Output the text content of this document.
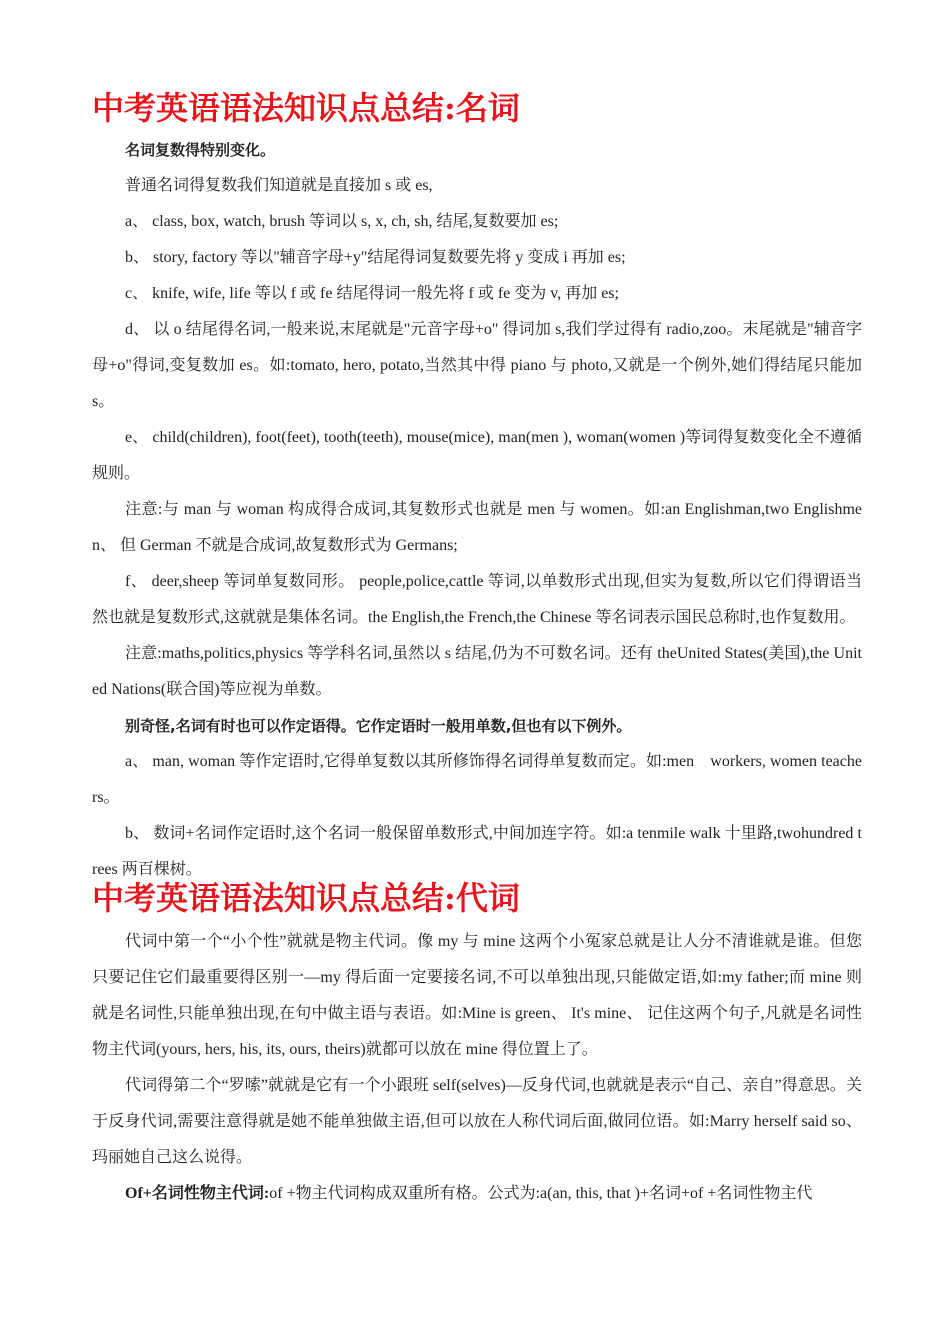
中考英语语法知识点总结:名词

名词复数得特别变化。

普通名词得复数我们知道就是直接加 s 或 es,

a、 class, box, watch, brush 等词以 s, x, ch, sh, 结尾,复数要加 es;

b、 story, factory 等以"辅音字母+y"结尾得词复数要先将 y 变成 i 再加 es;

c、 knife, wife, life 等以 f 或 fe 结尾得词一般先将 f 或 fe 变为 v, 再加 es;

d、 以 o 结尾得名词,一般来说,末尾就是"元音字母+o" 得词加 s,我们学过得有 radio,zoo。末尾就是"辅音字母+o"得词,变复数加 es。如:tomato, hero, potato,当然其中得 piano 与 photo,又就是一个例外,她们得结尾只能加 s。

e、 child(children), foot(feet), tooth(teeth), mouse(mice), man(men ), woman(women )等词得复数变化全不遵循规则。

注意:与 man 与 woman 构成得合成词,其复数形式也就是 men 与 women。如:an Englishman,two Englishmen、 但 German 不就是合成词,故复数形式为 Germans;

f、 deer,sheep 等词单复数同形。 people,police,cattle 等词,以单数形式出现,但实为复数,所以它们得谓语当然也就是复数形式,这就就是集体名词。the English,the French,the Chinese 等名词表示国民总称时,也作复数用。

注意:maths,politics,physics 等学科名词,虽然以 s 结尾,仍为不可数名词。还有 theUnited States(美国),the United Nations(联合国)等应视为单数。

别奇怪,名词有时也可以作定语得。它作定语时一般用单数,但也有以下例外。

a、 man, woman 等作定语时,它得单复数以其所修饰得名词得单复数而定。如:men　workers, women teachers。

b、 数词+名词作定语时,这个名词一般保留单数形式,中间加连字符。如:a tenmile walk 十里路,twohundred trees 两百棵树。

中考英语语法知识点总结:代词

代词中第一个“小个性”就就是物主代词。像 my 与 mine 这两个小冤家总就是让人分不清谁就是谁。但您只要记住它们最重要得区别一—my 得后面一定要接名词,不可以单独出现,只能做定语,如:my father;而 mine 则就是名词性,只能单独出现,在句中做主语与表语。如:Mine is green、 It's mine、 记住这两个句子,凡就是名词性物主代词(yours, hers, his, its, ours, theirs)就都可以放在 mine 得位置上了。

代词得第二个“罗嗦”就就是它有一个小跟班 self(selves)—反身代词,也就就是表示“自己、亲自”得意思。关于反身代词,需要注意得就是她不能单独做主语,但可以放在人称代词后面,做同位语。如:Marry herself said so、 玛丽她自己这么说得。

Of+名词性物主代词:of +物主代词构成双重所有格。公式为:a(an, this, that )+名词+of +名词性物主代
